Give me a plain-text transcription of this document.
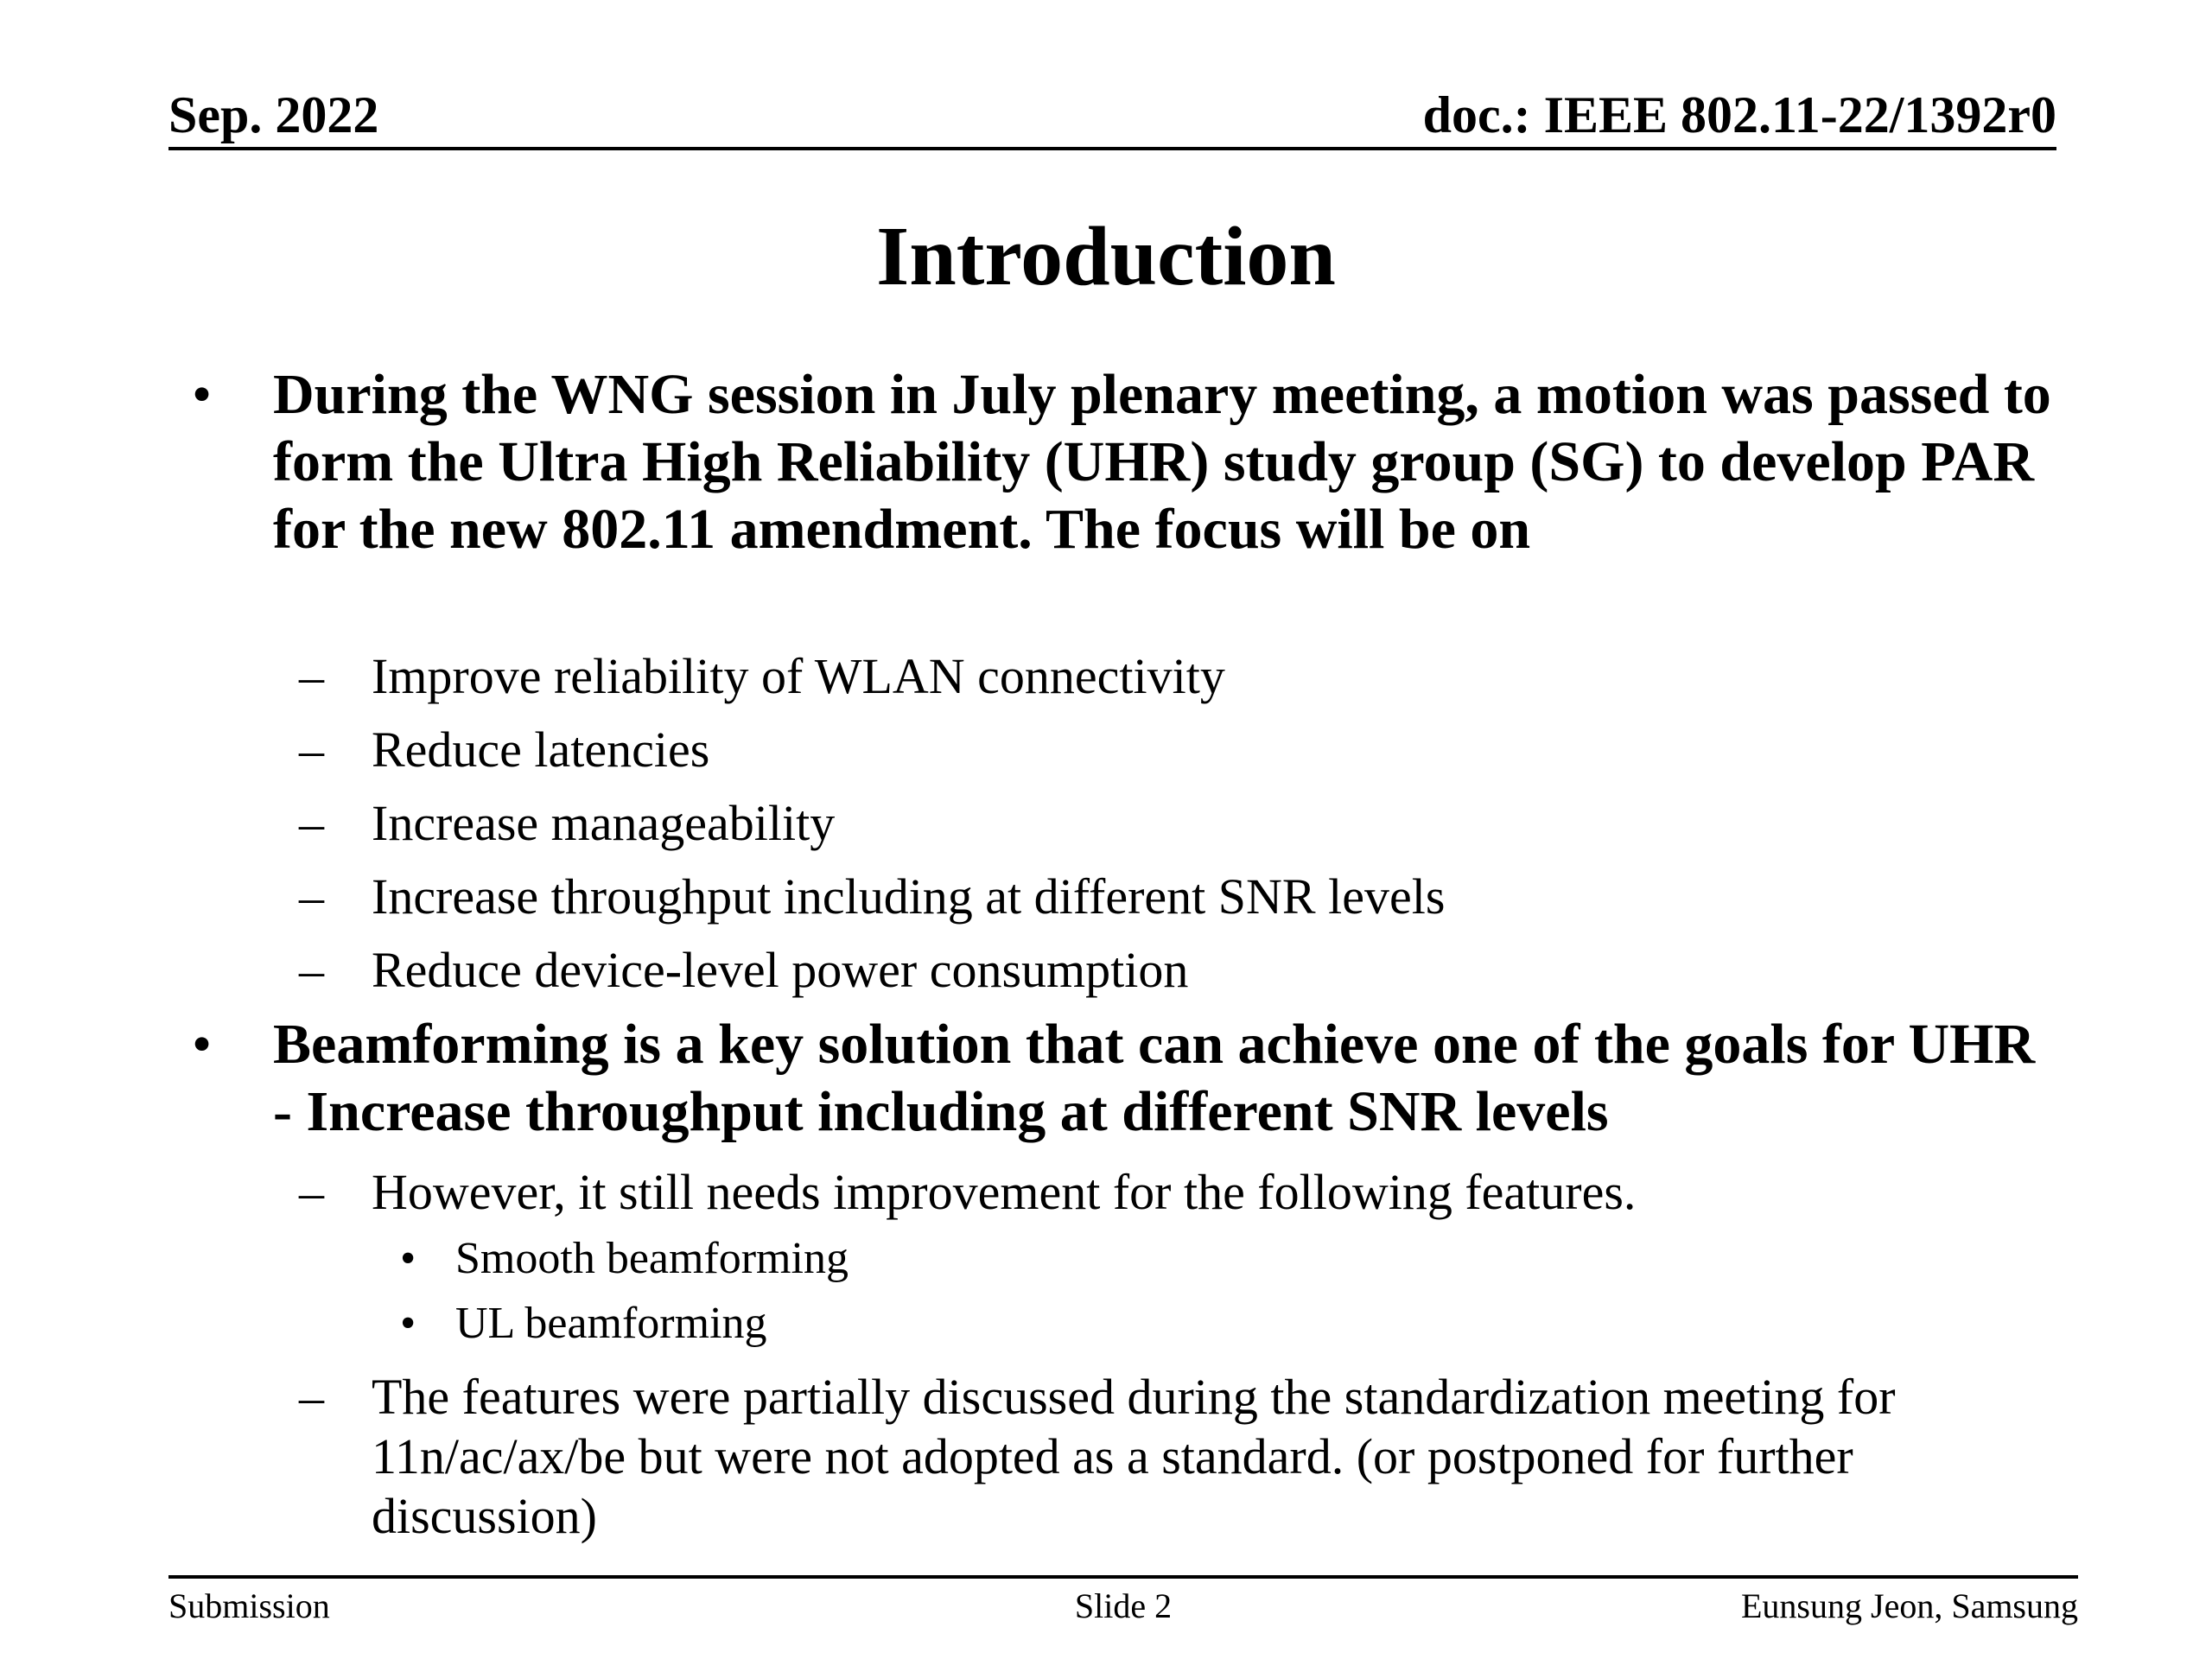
Sep. 2022	doc.: IEEE 802.11-22/1392r0
Introduction
• During the WNG session in July plenary meeting, a motion was passed to form the Ultra High Reliability (UHR) study group (SG) to develop PAR for the new 802.11 amendment. The focus will be on
– Improve reliability of WLAN connectivity
– Reduce latencies
– Increase manageability
– Increase throughput including at different SNR levels
– Reduce device-level power consumption
• Beamforming is a key solution that can achieve one of the goals for UHR - Increase throughput including at different SNR levels
– However, it still needs improvement for the following features.
• Smooth beamforming
• UL beamforming
– The features were partially discussed during the standardization meeting for 11n/ac/ax/be but were not adopted as a standard. (or postponed for further discussion)
Submission	Slide 2	Eunsung Jeon, Samsung
